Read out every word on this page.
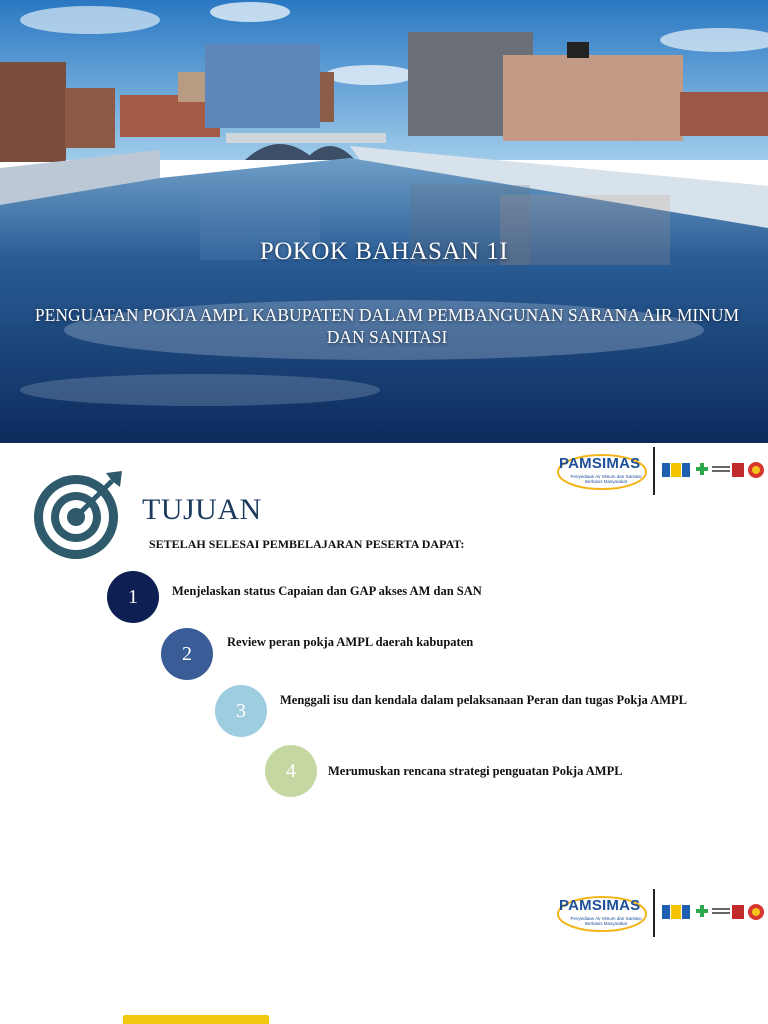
POKOK BAHASAN 1I
PENGUATAN POKJA AMPL KABUPATEN DALAM PEMBANGUNAN SARANA AIR MINUM DAN SANITASI
PAMSIMAS
Penyediaan Air Minum dan Sanitasi Berbasis Masyarakat
TUJUAN
SETELAH SELESAI PEMBELAJARAN PESERTA DAPAT:
1	Menjelaskan status Capaian dan GAP akses AM dan SAN
2
Review peran pokja AMPL daerah kabupaten
3	Menggali isu dan kendala dalam pelaksanaan Peran dan tugas Pokja AMPL
4	Merumuskan rencana strategi penguatan Pokja AMPL
PAMSIMAS
Penyediaan Air Minum dan Sanitasi Berbasis Masyarakat
